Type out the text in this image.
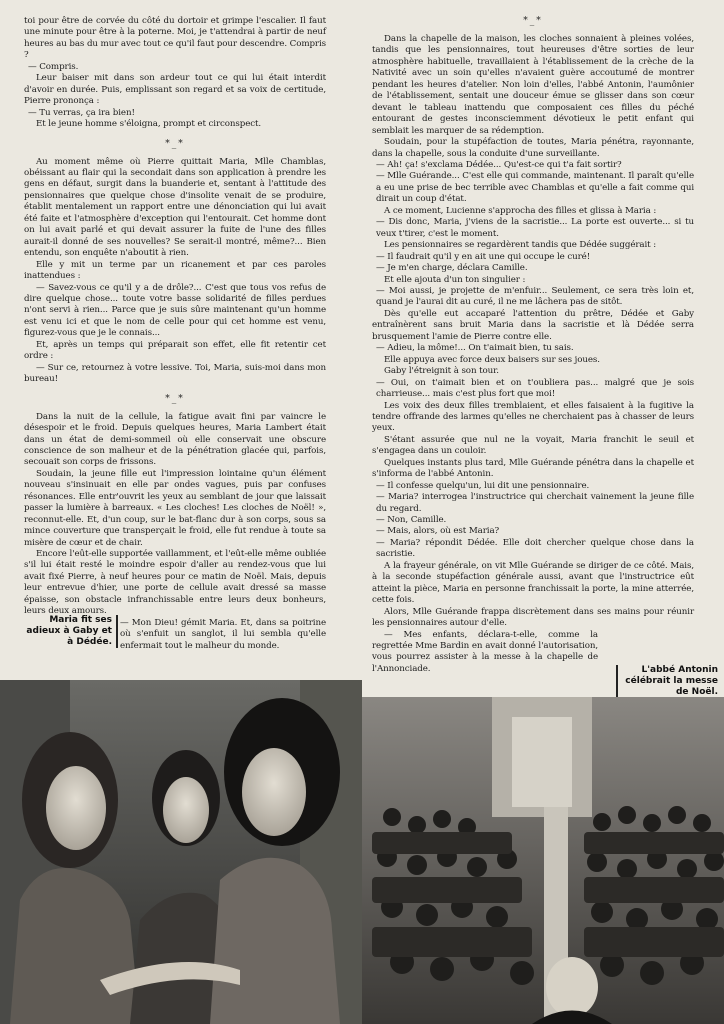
toi pour être de corvée du côté du dortoir et grimpe l'escalier. Il faut une minute pour être à la poterne. Moi, je t'attendrai à partir de neuf heures au bas du mur avec tout ce qu'il faut pour descendre. Compris ?

— Compris.

Leur baiser mit dans son ardeur tout ce qui lui était interdit d'avoir en durée. Puis, emplissant son regard et sa voix de certitude, Pierre prononça :

— Tu verras, ça ira bien!

Et le jeune homme s'éloigna, prompt et circonspect.

*_*

Au moment même où Pierre quittait Maria, Mlle Chamblas, obéissant au flair qui la secondait dans son application à prendre les gens en défaut, surgit dans la buanderie et, sentant à l'attitude des pensionnaires que quelque chose d'insolite venait de se produire, établit mentalement un rapport entre une dénonciation qui lui avait été faite et l'atmosphère d'exception qui l'entourait. Cet homme dont on lui avait parlé et qui devait assurer la fuite de l'une des filles aurait-il donné de ses nouvelles? Se serait-il montré, même?... Bien entendu, son enquête n'aboutit à rien.

Elle y mit un terme par un ricanement et par ces paroles inattendues :

— Savez-vous ce qu'il y a de drôle?... C'est que tous vos refus de dire quelque chose... toute votre basse solidarité de filles perdues n'ont servi à rien... Parce que je suis sûre maintenant qu'un homme est venu ici et que le nom de celle pour qui cet homme est venu, figurez-vous que je le connais...

Et, après un temps qui préparait son effet, elle fit retentir cet ordre :

— Sur ce, retournez à votre lessive. Toi, Maria, suis-moi dans mon bureau!

*_*

Dans la nuit de la cellule, la fatigue avait fini par vaincre le désespoir et le froid. Depuis quelques heures, Maria Lambert était dans un état de demi-sommeil où elle conservait une obscure conscience de son malheur et de la pénétration glacée qui, parfois, secouait son corps de frissons.

Soudain, la jeune fille eut l'impression lointaine qu'un élément nouveau s'insinuait en elle par ondes vagues, puis par confuses résonances. Elle entr'ouvrit les yeux au semblant de jour que laissait passer la lumière à barreaux. « Les cloches! Les cloches de Noël! », reconnut-elle. Et, d'un coup, sur le bat-flanc dur à son corps, sous sa mince couverture que transperçait le froid, elle fut rendue à toute sa misère de cœur et de chair.

Encore l'eût-elle supportée vaillamment, et l'eût-elle même oubliée s'il lui était resté le moindre espoir d'aller au rendez-vous que lui avait fixé Pierre, à neuf heures pour ce matin de Noël. Mais, depuis leur entrevue d'hier, une porte de cellule avait dressé sa masse épaisse, son obstacle infranchissable entre leurs deux bonheurs, leurs deux amours.

— Mon Dieu! gémit Maria. Et, dans sa poitrine où s'enfuit un sanglot, il lui sembla qu'elle enfermait tout le malheur du monde.

*_*

Dans la chapelle de la maison, les cloches sonnaient à pleines volées, tandis que les pensionnaires, tout heureuses d'être sorties de leur atmosphère habituelle, travaillaient à l'établissement de la crèche de la Nativité avec un soin qu'elles n'avaient guère accoutumé de montrer pendant les heures d'atelier. Non loin d'elles, l'abbé Antonin, l'aumônier de l'établissement, sentait une douceur émue se glisser dans son cœur devant le tableau inattendu que composaient ces filles du péché entourant de gestes inconsciemment dévotieux le petit enfant qui semblait les marquer de sa rédemption.

Soudain, pour la stupéfaction de toutes, Maria pénétra, rayonnante, dans la chapelle, sous la conduite d'une surveillante.

— Ah! ça! s'exclama Dédée... Qu'est-ce qui t'a fait sortir?

— Mlle Guérande... C'est elle qui commande, maintenant. Il paraît qu'elle a eu une prise de bec terrible avec Chamblas et qu'elle a fait comme qui dirait un coup d'état.

A ce moment, Lucienne s'approcha des filles et glissa à Maria :

— Dis donc, Maria, j'viens de la sacristie... La porte est ouverte... si tu veux t'tirer, c'est le moment.

Les pensionnaires se regardèrent tandis que Dédée suggérait :

— Il faudrait qu'il y en ait une qui occupe le curé!

— Je m'en charge, déclara Camille.

Et elle ajouta d'un ton singulier :

— Moi aussi, je projette de m'enfuir... Seulement, ce sera très loin et, quand je l'aurai dit au curé, il ne me lâchera pas de sitôt.

Dès qu'elle eut accaparé l'attention du prêtre, Dédée et Gaby entraînèrent sans bruit Maria dans la sacristie et là Dédée serra brusquement l'amie de Pierre contre elle.

— Adieu, la môme!... On t'aimait bien, tu sais.

Elle appuya avec force deux baisers sur ses joues.

Gaby l'étreignit à son tour.

— Oui, on t'aimait bien et on t'oubliera pas... malgré que je sois charrieuse... mais c'est plus fort que moi!

Les voix des deux filles tremblaient, et elles faisaient à la fugitive la tendre offrande des larmes qu'elles ne cherchaient pas à chasser de leurs yeux.

S'étant assurée que nul ne la voyait, Maria franchit le seuil et s'engagea dans un couloir.

Quelques instants plus tard, Mlle Guérande pénétra dans la chapelle et s'informa de l'abbé Antonin.

— Il confesse quelqu'un, lui dit une pensionnaire.

— Maria? interrogea l'instructrice qui cherchait vainement la jeune fille du regard.

— Non, Camille.

— Mais, alors, où est Maria?

— Maria? répondit Dédée. Elle doit chercher quelque chose dans la sacristie.

A la frayeur générale, on vit Mlle Guérande se diriger de ce côté. Mais, à la seconde stupéfaction générale aussi, avant que l'instructrice eût atteint la pièce, Maria en personne franchissait la porte, la mine atterrée, cette fois.

Alors, Mlle Guérande frappa discrètement dans ses mains pour réunir les pensionnaires autour d'elle.

— Mes enfants, déclara-t-elle, comme la regrettée Mme Bardin en avait donné l'autorisation, vous pourrez assister à la messe à la chapelle de l'Annonciade.

Maria fit ses adieux à Gaby et à Dédée.
L'abbé Antonin célébrait la messe de Noël.
